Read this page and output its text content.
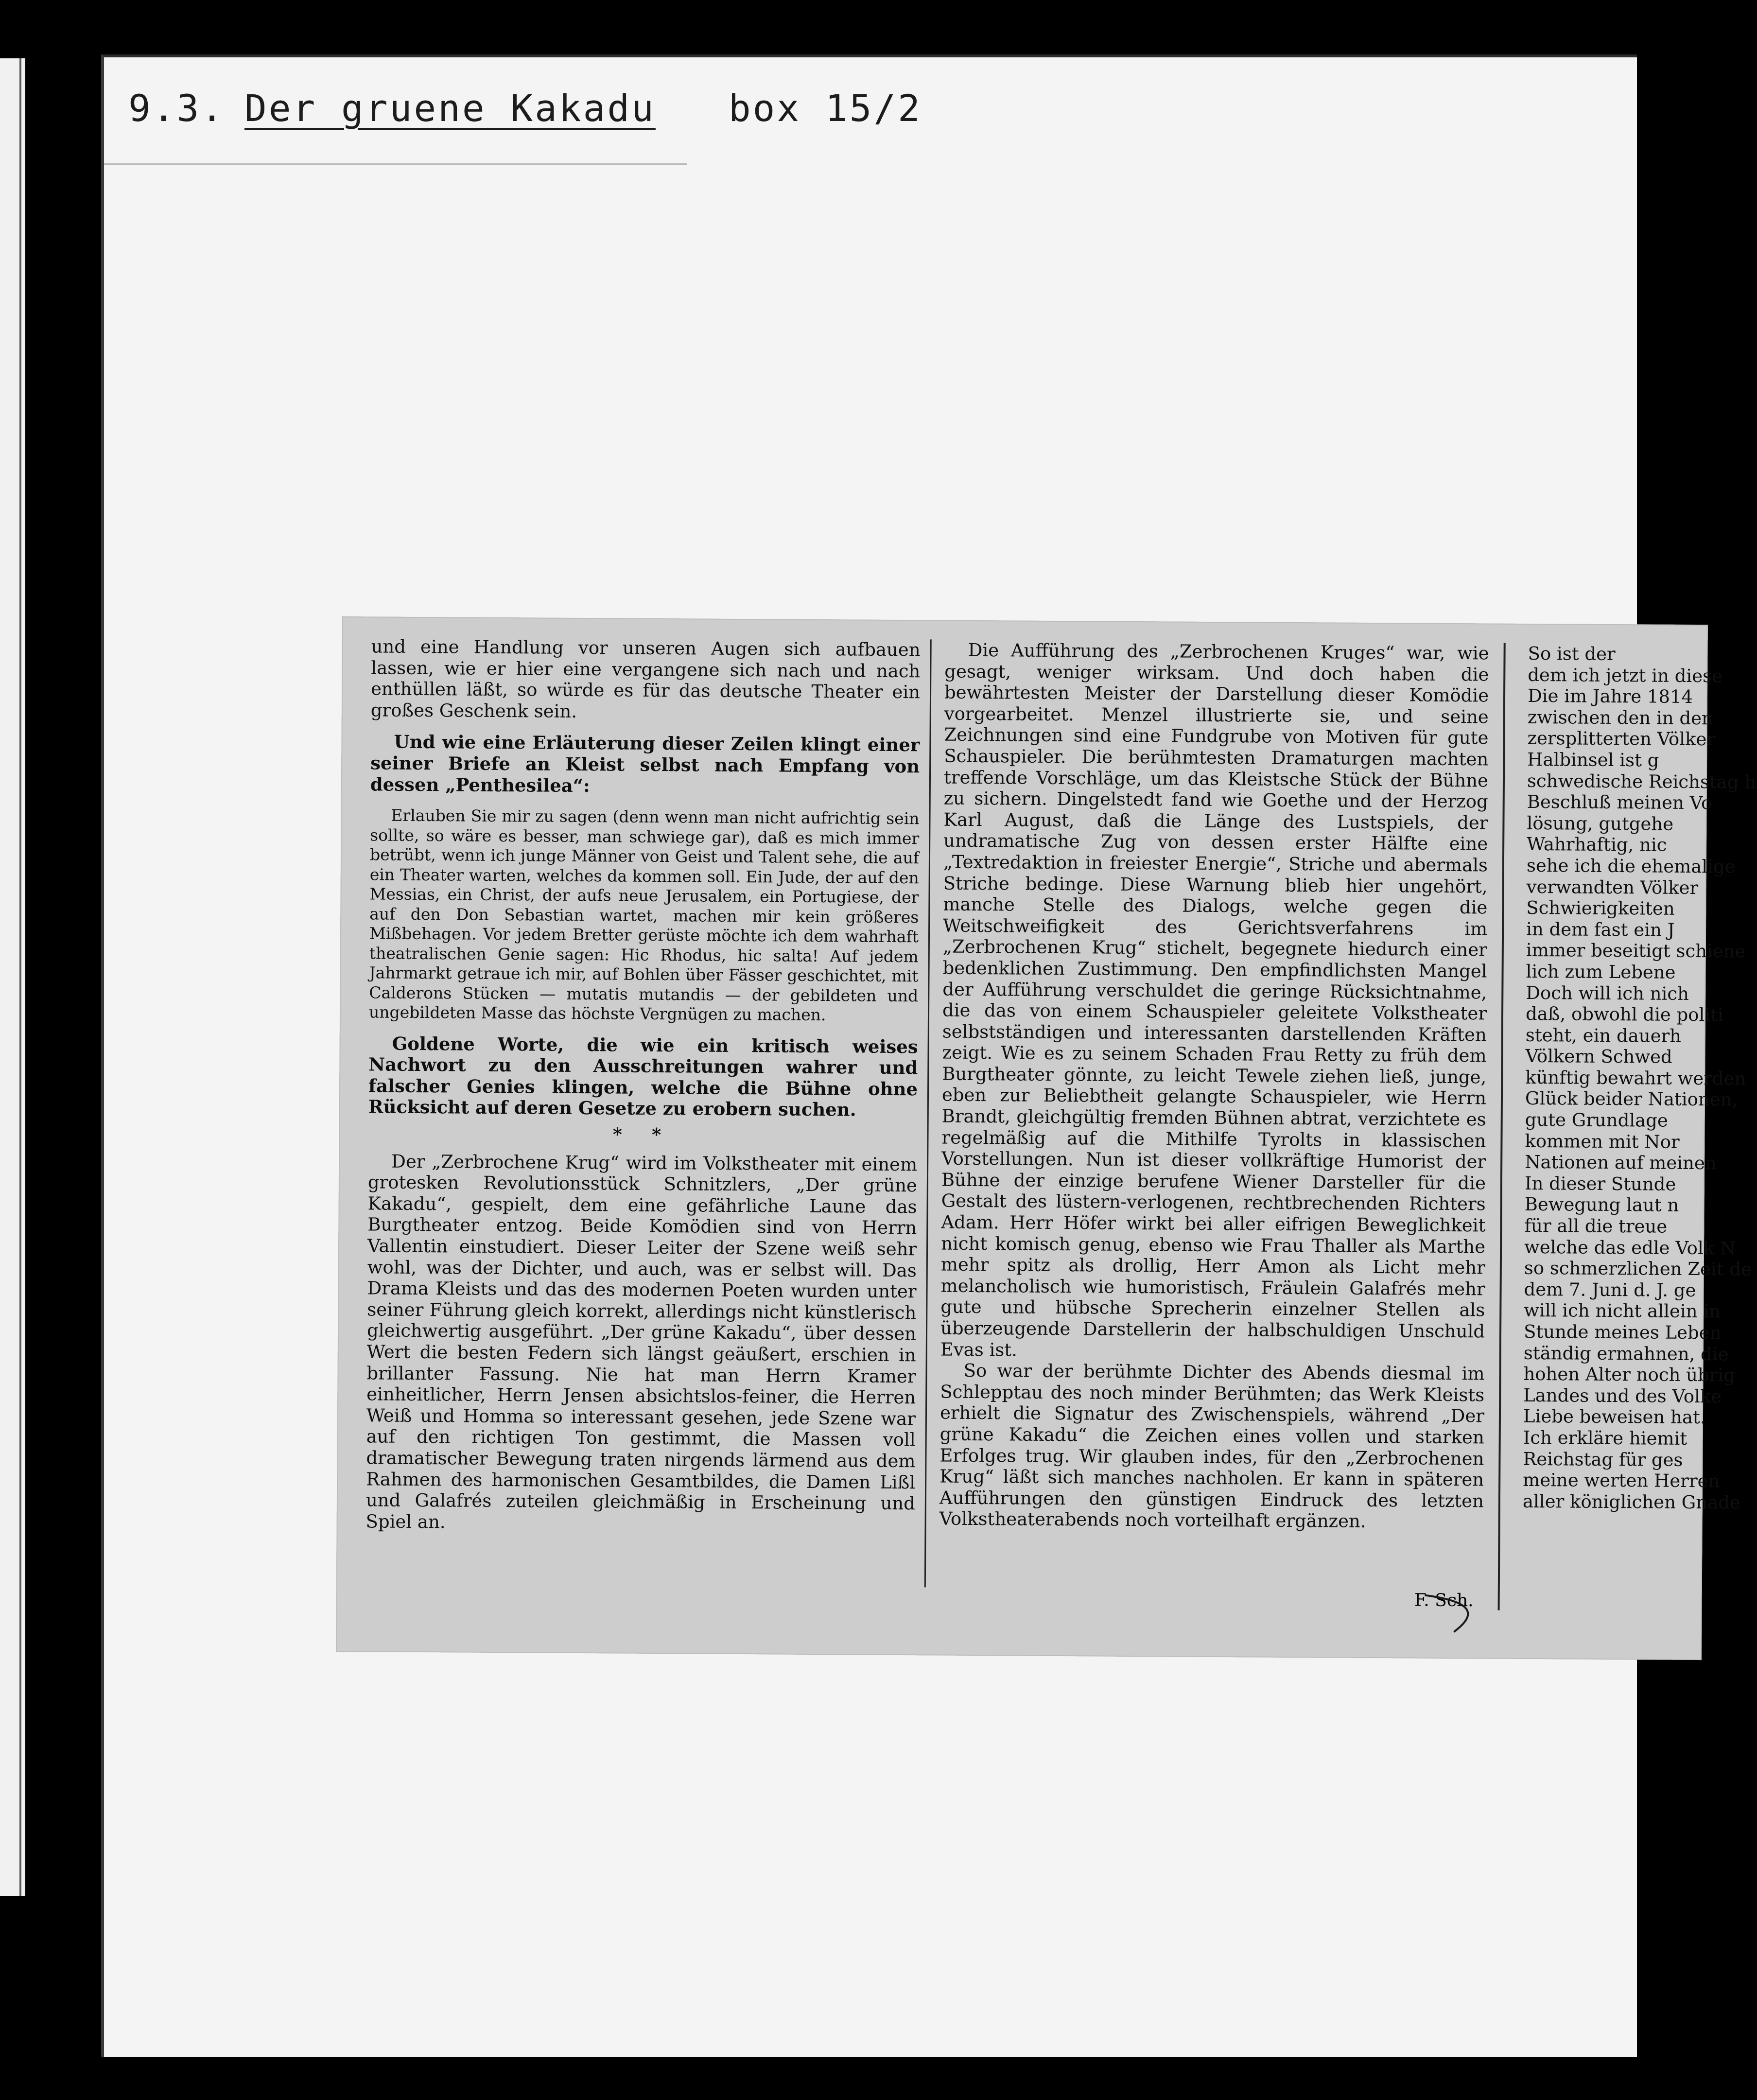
9.3. Der gruene Kakadu box 15/2

und eine Handlung vor unseren Augen sich aufbauen lassen, wie er hier eine vergangene sich nach und nach enthüllen läßt, so würde es für das deutsche Theater ein großes Geschenk sein.

Und wie eine Erläuterung dieser Zeilen klingt einer seiner Briefe an Kleist selbst nach Empfang von dessen „Penthesilea“:

Erlauben Sie mir zu sagen (denn wenn man nicht aufrichtig sein sollte, so wäre es besser, man schwiege gar), daß es mich immer betrübt, wenn ich junge Männer von Geist und Talent sehe, die auf ein Theater warten, welches da kommen soll. Ein Jude, der auf den Messias, ein Christ, der aufs neue Jerusalem, ein Portugiese, der auf den Don Sebastian wartet, machen mir kein größeres Mißbehagen. Vor jedem Bretter gerüste möchte ich dem wahrhaft theatralischen Genie sagen: Hic Rhodus, hic salta! Auf jedem Jahrmarkt getraue ich mir, auf Bohlen über Fässer geschichtet, mit Calderons Stücken — mutatis mutandis — der gebildeten und ungebildeten Masse das höchste Vergnügen zu machen.

Goldene Worte, die wie ein kritisch weises Nachwort zu den Ausschreitungen wahrer und falscher Genies klingen, welche die Bühne ohne Rücksicht auf deren Gesetze zu erobern suchen.

* *

Der „Zerbrochene Krug“ wird im Volkstheater mit einem grotesken Revolutionsstück Schnitzlers, „Der grüne Kakadu“, gespielt, dem eine gefährliche Laune das Burgtheater entzog. Beide Komödien sind von Herrn Vallentin einstudiert. Dieser Leiter der Szene weiß sehr wohl, was der Dichter, und auch, was er selbst will. Das Drama Kleists und das des modernen Poeten wurden unter seiner Führung gleich korrekt, allerdings nicht künstlerisch gleichwertig ausgeführt. „Der grüne Kakadu“, über dessen Wert die besten Federn sich längst geäußert, erschien in brillanter Fassung. Nie hat man Herrn Kramer einheitlicher, Herrn Jensen absichtslos-feiner, die Herren Weiß und Homma so interessant gesehen, jede Szene war auf den richtigen Ton gestimmt, die Massen voll dramatischer Bewegung traten nirgends lärmend aus dem Rahmen des harmonischen Gesamtbildes, die Damen Lißl und Galafrés zuteilen gleichmäßig in Erscheinung und Spiel an.

Die Aufführung des „Zerbrochenen Kruges“ war, wie gesagt, weniger wirksam. Und doch haben die bewährtesten Meister der Darstellung dieser Komödie vorgearbeitet. Menzel illustrierte sie, und seine Zeichnungen sind eine Fundgrube von Motiven für gute Schauspieler. Die berühmtesten Dramaturgen machten treffende Vorschläge, um das Kleistsche Stück der Bühne zu sichern. Dingelstedt fand wie Goethe und der Herzog Karl August, daß die Länge des Lustspiels, der undramatische Zug von dessen erster Hälfte eine „Textredaktion in freiester Energie“, Striche und abermals Striche bedinge. Diese Warnung blieb hier ungehört, manche Stelle des Dialogs, welche gegen die Weitschweifigkeit des Gerichtsverfahrens im „Zerbrochenen Krug“ stichelt, begegnete hiedurch einer bedenklichen Zustimmung. Den empfindlichsten Mangel der Aufführung verschuldet die geringe Rücksichtnahme, die das von einem Schauspieler geleitete Volkstheater selbstständigen und interessanten darstellenden Kräften zeigt. Wie es zu seinem Schaden Frau Retty zu früh dem Burgtheater gönnte, zu leicht Tewele ziehen ließ, junge, eben zur Beliebtheit gelangte Schauspieler, wie Herrn Brandt, gleichgültig fremden Bühnen abtrat, verzichtete es regelmäßig auf die Mithilfe Tyrolts in klassischen Vorstellungen. Nun ist dieser vollkräftige Humorist der Bühne der einzige berufene Wiener Darsteller für die Gestalt des lüstern-verlogenen, rechtbrechenden Richters Adam. Herr Höfer wirkt bei aller eifrigen Beweglichkeit nicht komisch genug, ebenso wie Frau Thaller als Marthe mehr spitz als drollig, Herr Amon als Licht mehr melancholisch wie humoristisch, Fräulein Galafrés mehr gute und hübsche Sprecherin einzelner Stellen als überzeugende Darstellerin der halbschuldigen Unschuld Evas ist.

So war der berühmte Dichter des Abends diesmal im Schlepptau des noch minder Berühmten; das Werk Kleists erhielt die Signatur des Zwischenspiels, während „Der grüne Kakadu“ die Zeichen eines vollen und starken Erfolges trug. Wir glauben indes, für den „Zerbrochenen Krug“ läßt sich manches nachholen. Er kann in späteren Aufführungen den günstigen Eindruck des letzten Volkstheaterabends noch vorteilhaft ergänzen.

F. Sch.
So ist der
dem ich jetzt in diese
Die im Jahre 1814
zwischen den in den
zersplitterten Völker
Halbinsel ist g
schwedische Reichstag h
Beschluß meinen Vo
lösung, gutgehe
Wahrhaftig, nic
sehe ich die ehemalige
verwandten Völker
Schwierigkeiten
in dem fast ein J
immer beseitigt schiene
lich zum Lebene
Doch will ich nich
daß, obwohl die politi
steht, ein dauerh
Völkern Schwed
künftig bewahrt werden
Glück beider Nationen,
gute Grundlage
kommen mit Nor
Nationen auf meinen
In dieser Stunde
Bewegung laut n
für all die treue
welche das edle Volk N
so schmerzlichen Zeit de
dem 7. Juni d. J. ge
will ich nicht allein in
Stunde meines Leben
ständig ermahnen, die
hohen Alter noch übrig
Landes und des Volke
Liebe beweisen hat.
Ich erkläre hiemit
Reichstag für ges
meine werten Herren
aller königlichen Gnade
